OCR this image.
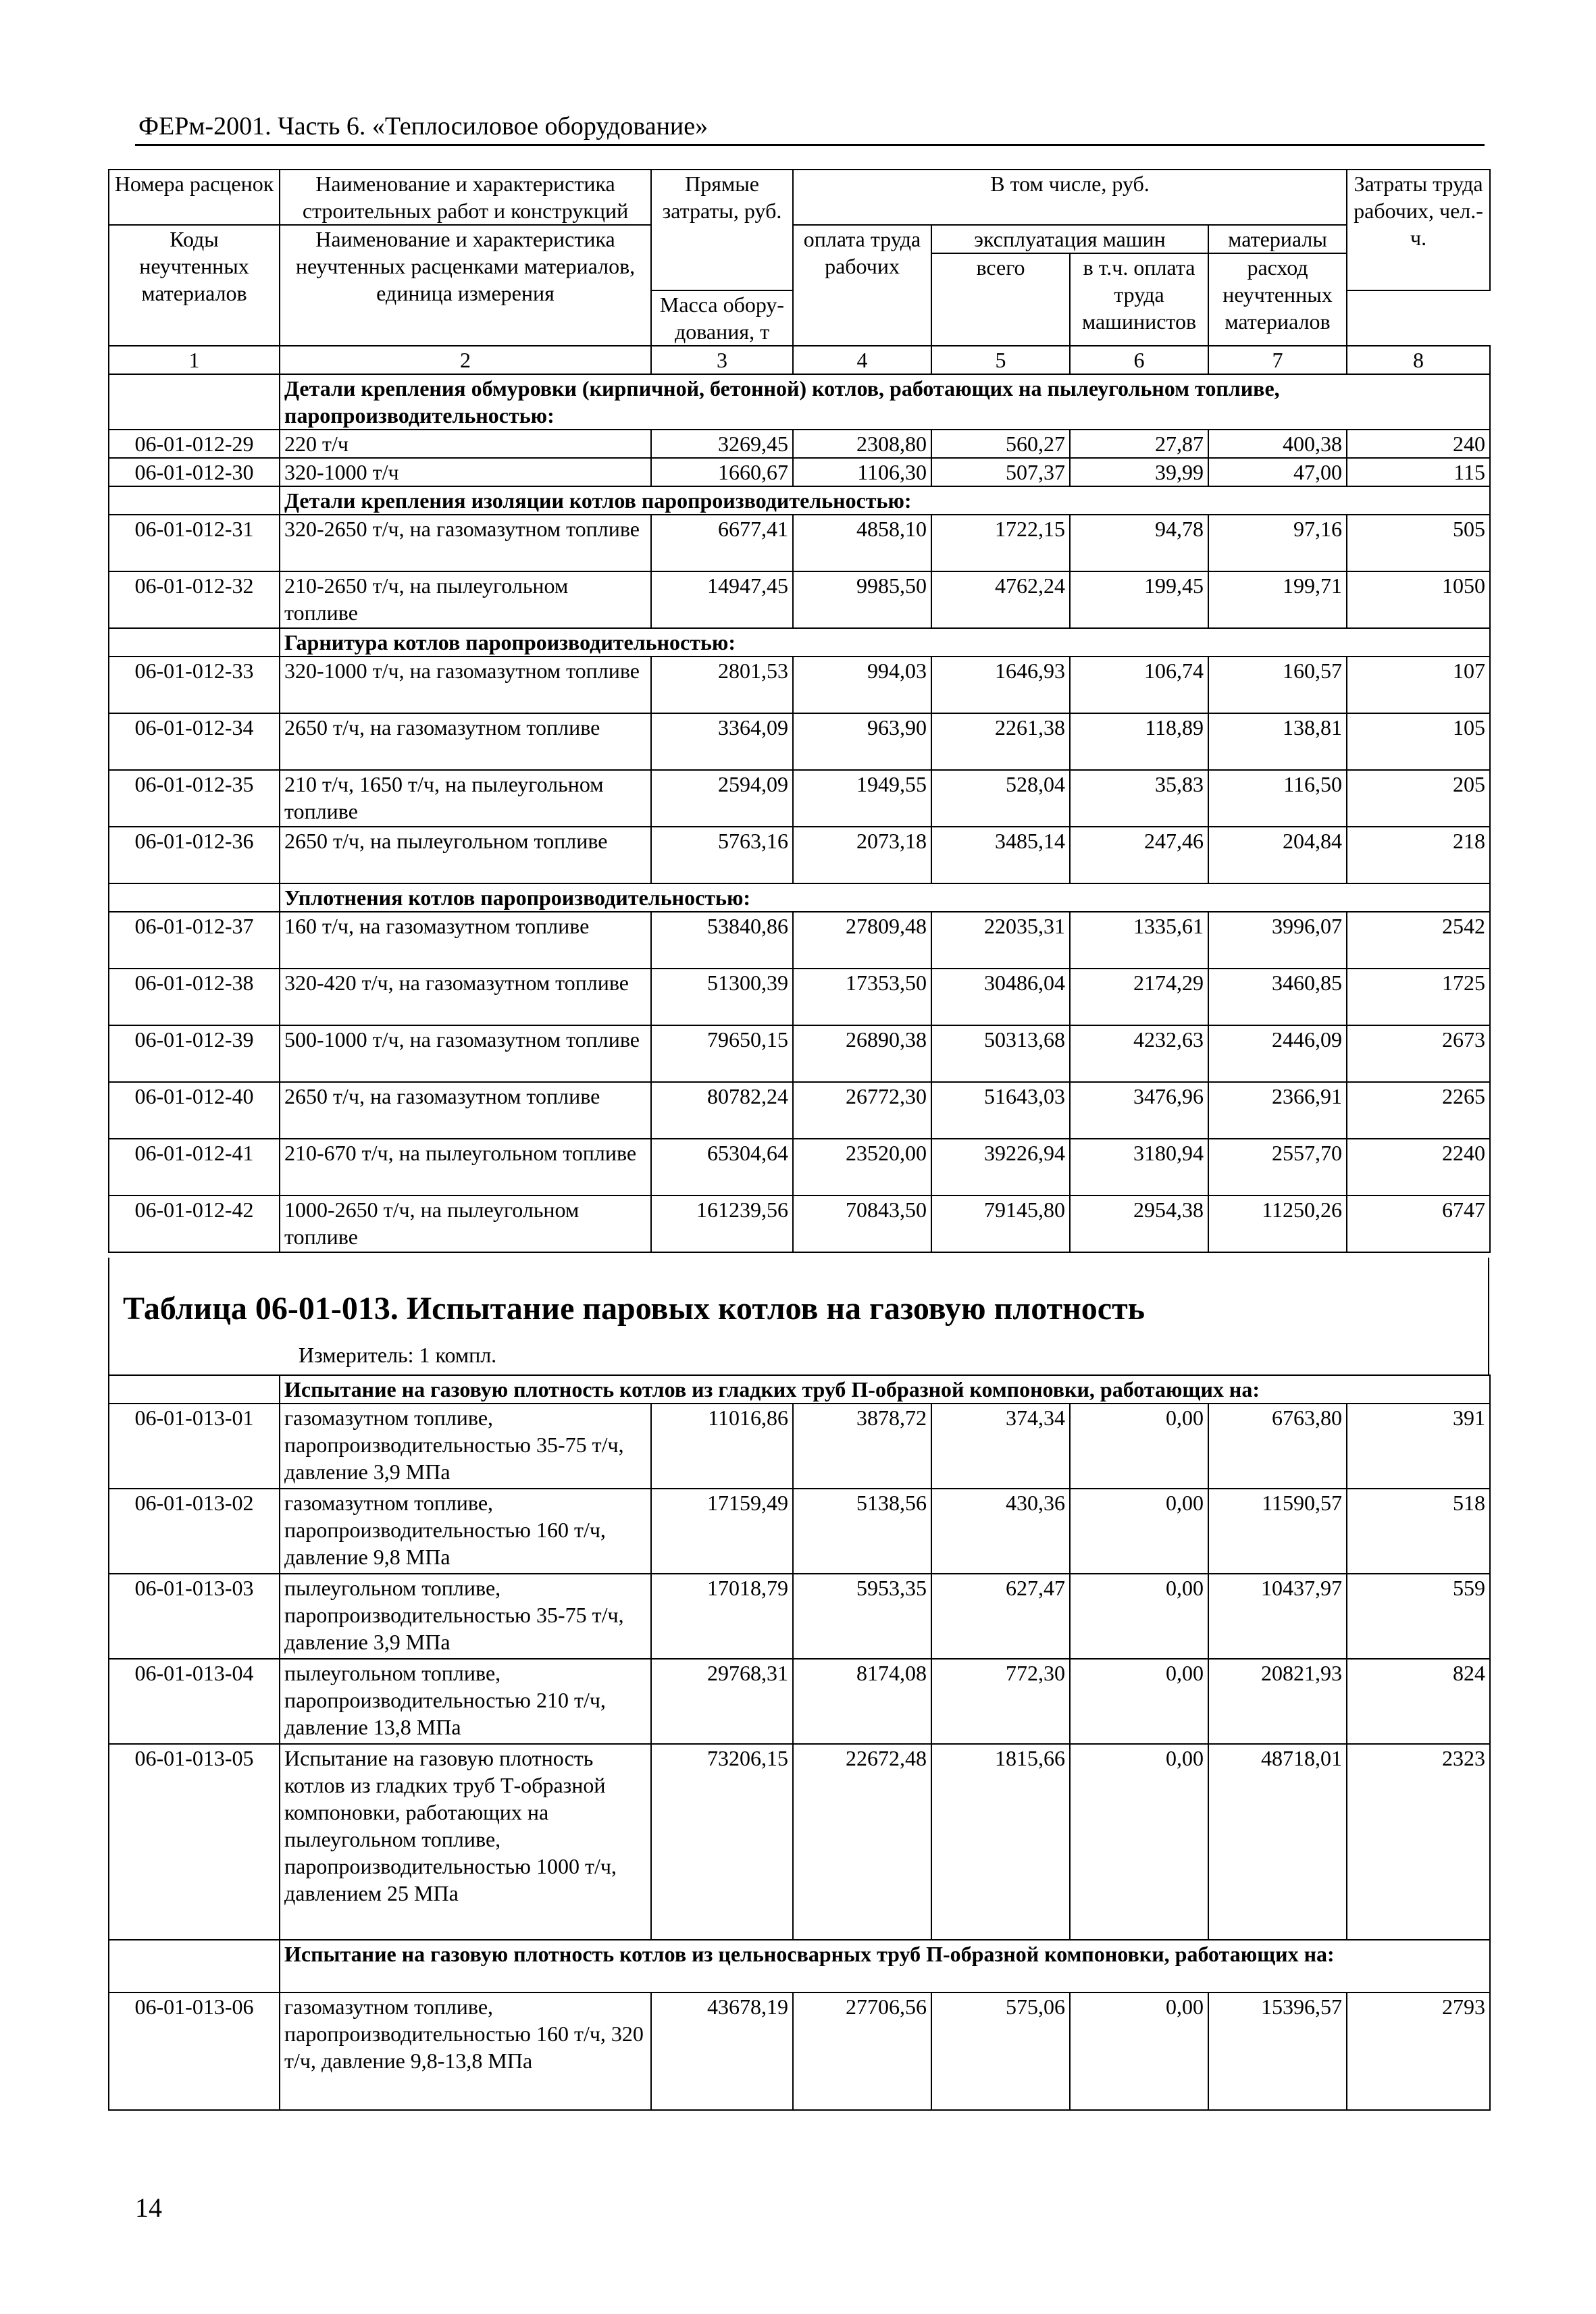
ФЕРм-2001. Часть 6. «Теплосиловое оборудование»
Номера расценок	Наименование и характеристика строительных работ и конструкций	Прямые затраты, руб.	В том числе, руб.				Затраты труда рабочих, чел.-ч.
Коды неучтенных материалов	Наименование и характеристика неучтенных расценками материалов, единица измерения		оплата труда рабочих	эксплуатация машин		материалы	
				всего	в т.ч. оплата труда машинистов	расход неучтенных материалов	
		Масса обору-дования, т					
1	2	3	4	5	6	7	8
	Детали крепления обмуровки (кирпичной, бетонной) котлов, работающих на пылеугольном топливе, паропроизводительностью:						
06-01-012-29	220 т/ч	3269,45	2308,80	560,27	27,87	400,38	240
06-01-012-30	320-1000 т/ч	1660,67	1106,30	507,37	39,99	47,00	115
	Детали крепления изоляции котлов паропроизводительностью:						
06-01-012-31	320-2650 т/ч, на газомазутном топливе	6677,41	4858,10	1722,15	94,78	97,16	505
06-01-012-32	210-2650 т/ч, на пылеугольном топливе	14947,45	9985,50	4762,24	199,45	199,71	1050
	Гарнитура котлов паропроизводительностью:						
06-01-012-33	320-1000 т/ч, на газомазутном топливе	2801,53	994,03	1646,93	106,74	160,57	107
06-01-012-34	2650 т/ч, на газомазутном топливе	3364,09	963,90	2261,38	118,89	138,81	105
06-01-012-35	210 т/ч, 1650 т/ч, на пылеугольном топливе	2594,09	1949,55	528,04	35,83	116,50	205
06-01-012-36	2650 т/ч, на пылеугольном топливе	5763,16	2073,18	3485,14	247,46	204,84	218
	Уплотнения котлов паропроизводительностью:						
06-01-012-37	160 т/ч, на газомазутном топливе	53840,86	27809,48	22035,31	1335,61	3996,07	2542
06-01-012-38	320-420 т/ч, на газомазутном топливе	51300,39	17353,50	30486,04	2174,29	3460,85	1725
06-01-012-39	500-1000 т/ч, на газомазутном топливе	79650,15	26890,38	50313,68	4232,63	2446,09	2673
06-01-012-40	2650 т/ч, на газомазутном топливе	80782,24	26772,30	51643,03	3476,96	2366,91	2265
06-01-012-41	210-670 т/ч, на пылеугольном топливе	65304,64	23520,00	39226,94	3180,94	2557,70	2240
06-01-012-42	1000-2650 т/ч, на пылеугольном топливе	161239,56	70843,50	79145,80	2954,38	11250,26	6747
Таблица 06-01-013. Испытание паровых котлов на газовую плотность
Измеритель: 1 компл.
	Испытание на газовую плотность котлов из гладких труб П-образной компоновки, работающих на:						
06-01-013-01	газомазутном топливе, паропроизводительностью 35-75 т/ч, давление 3,9 МПа	11016,86	3878,72	374,34	0,00	6763,80	391
06-01-013-02	газомазутном топливе, паропроизводительностью 160 т/ч, давление 9,8 МПа	17159,49	5138,56	430,36	0,00	11590,57	518
06-01-013-03	пылеугольном топливе, паропроизводительностью 35-75 т/ч, давление 3,9 МПа	17018,79	5953,35	627,47	0,00	10437,97	559
06-01-013-04	пылеугольном топливе, паропроизводительностью 210 т/ч, давление 13,8 МПа	29768,31	8174,08	772,30	0,00	20821,93	824
06-01-013-05	Испытание на газовую плотность котлов из гладких труб Т-образной компоновки, работающих на пылеугольном топливе, паропроизводительностью 1000 т/ч, давлением 25 МПа	73206,15	22672,48	1815,66	0,00	48718,01	2323
	Испытание на газовую плотность котлов из цельносварных труб П-образной компоновки, работающих на:						
06-01-013-06	газомазутном топливе, паропроизводительностью 160 т/ч, 320 т/ч, давление 9,8-13,8 МПа	43678,19	27706,56	575,06	0,00	15396,57	2793
14
